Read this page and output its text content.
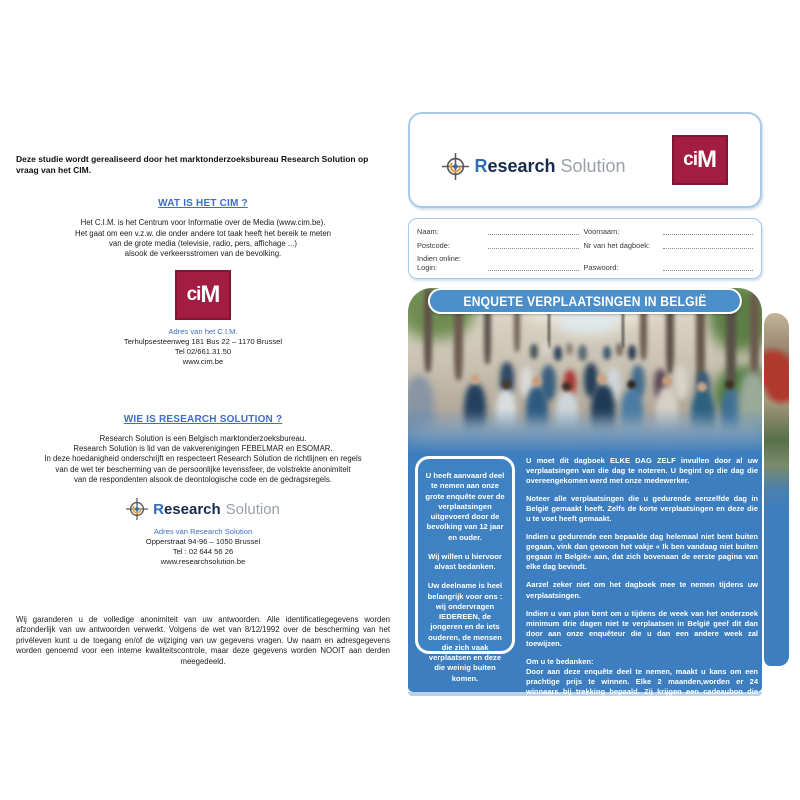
Deze studie wordt gerealiseerd door het marktonderzoeksbureau Research Solution op vraag van het CIM.
WAT IS HET CIM ?
Het C.I.M. is het Centrum voor Informatie over de Media (www.cim.be).
Het gaat om een v.z.w. die onder andere tot taak heeft het bereik te meten
van de grote media (televisie, radio, pers, affichage ...)
alsook de verkeersstromen van de bevolking.
ci M
Adres van het C.I.M.
Terhulpsesteenweg 181 Bus 22 – 1170 Brussel
Tel 02/661.31.50
www.cim.be
WIE IS RESEARCH SOLUTION ?
Research Solution is een Belgisch marktonderzoeksbureau.
Research Solution is lid van de vakverenigingen FEBELMAR en ESOMAR.
In deze hoedanigheid onderschrijft en respecteert Research Solution de richtlijnen en regels
van de wet ter bescherming van de persoonlijke levenssfeer, de volstrekte anonimiteit
van de respondenten alsook de deontologische code en de gedragsregels.
Research Solution
Adres van Research Solution
Opperstraat 94-96 – 1050 Brussel
Tel : 02 644 56 26
www.researchsolution.be
Wij garanderen u de volledige anonimiteit van uw antwoorden. Alle identificatiegegevens worden afzonderlijk van uw antwoorden verwerkt. Volgens de wet van 8/12/1992 over de bescherming van het privéleven kunt u de toegang en/of de wijziging van uw gegevens vragen. Uw naam en adresgegevens worden genoemd voor een interne kwaliteitscontrole, maar deze gegevens worden NOOIT aan derden meegedeeld.
Research Solution	ci M
Naam:	Voornaam:
Postcode:	Nr van het dagboek:
Indien online: Login:	Paswoord:
ENQUETE VERPLAATSINGEN IN BELGIË

U heeft aanvaard deel te nemen aan onze grote enquête over de verplaatsingen uitgevoerd door de bevolking van 12 jaar en ouder.

Wij willen u hiervoor alvast bedanken.

Uw deelname is heel belangrijk voor ons : wij ondervragen IEDEREEN, de jongeren en de iets ouderen, de mensen die zich vaak verplaatsen en deze die weinig buiten komen.

U moet dit dagboek ELKE DAG ZELF invullen door al uw verplaatsingen van die dag te noteren. U begint op die dag die overeengekomen werd met onze medewerker.

Noteer alle verplaatsingen die u gedurende eenzelfde dag in België gemaakt heeft. Zelfs de korte verplaatsingen en deze die u te voet heeft gemaakt.

Indien u gedurende een bepaalde dag helemaal niet bent buiten gegaan, vink dan gewoon het vakje « Ik ben vandaag niet buiten gegaan in België» aan, dat zich bovenaan de eerste pagina van elke dag bevindt.

Aarzel zeker niet om het dagboek mee te nemen tijdens uw verplaatsingen.

Indien u van plan bent om u tijdens de week van het onderzoek minimum drie dagen niet te verplaatsen in België geef dit dan door aan onze enquêteur die u dan een andere week zal toewijzen.

Om u te bedanken:

Door aan deze enquête deel te nemen, maakt u kans om een prachtige prijs te winnen. Elke 2 maanden,worden er 24 winnaars bij trekking bepaald. Zij krijgen een cadeaubon die varieert tussen 20 € en 250 €.
